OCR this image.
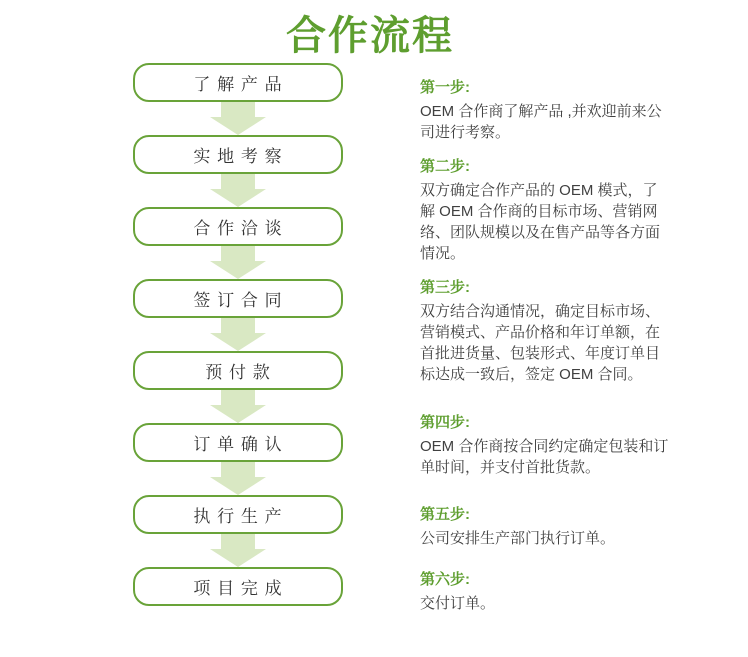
合作流程
了 解 产 品
实 地 考 察
合 作 洽 谈
签 订 合 同
预 付 款
订 单 确 认
执 行 生 产
项 目 完 成
第一步:
OEM 合作商了解产品 ,并欢迎前来公司进行考察。
第二步:
双方确定合作产品的 OEM 模式，了解 OEM 合作商的目标市场、营销网络、团队规模以及在售产品等各方面情况。
第三步:
双方结合沟通情况，确定目标市场、营销模式、产品价格和年订单额，在首批进货量、包装形式、年度订单目标达成一致后，签定 OEM 合同。
第四步:
OEM 合作商按合同约定确定包装和订单时间，并支付首批货款。
第五步:
公司安排生产部门执行订单。
第六步:
交付订单。
